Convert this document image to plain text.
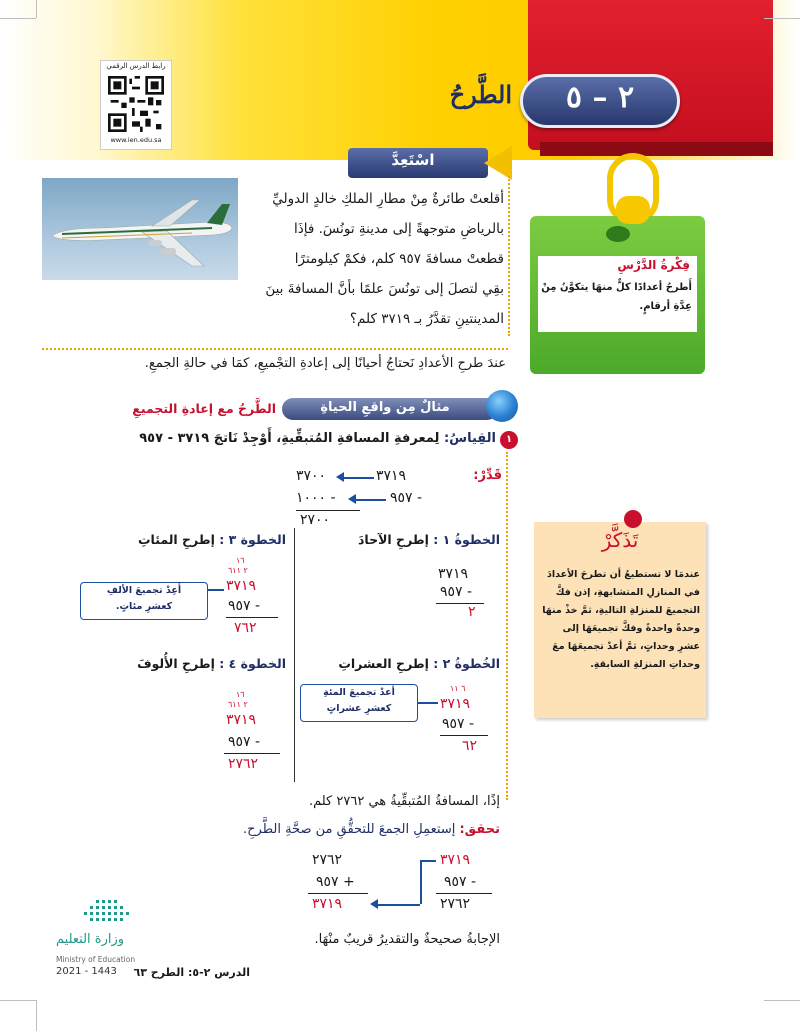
رابط الدرس الرقمي
www.ien.edu.sa
٢ – ٥
الطَّرحُ
فِكْرةُ الدَّرْسِ
أَطرحُ أعدادًا كلٌّ منهَا يتكوَّنُ مِنْ عِدَّةِ أرقامٍ.
اسْتَعِدَّ
أقلعتْ طائرةٌ مِنْ مطارِ الملكِ خالدٍ الدوليِّ
بالرياضِ متوجهةً إلى مدينةِ تونُسَ. فإذَا
قطعتْ مسافةَ ٩٥٧ كلم، فكمْ كيلومترًا
بقِي لتصلَ إلى تونُسَ علمًا بأنَّ المسافةَ بينَ
المدينتينِ تقدَّرُ بـ ٣٧١٩ كلم؟
عندَ طرحِ الأعدادِ نَحتاجُ أحيانًا إلى إعادةِ التجْميعِ، كمَا في حالةِ الجمعِ.
مثالٌ مِن واقعِ الحياةِ
الطَّرحُ مع إعادةِ التجميعِ
١
القِياسُ: لِمعرفةِ المسافةِ المُتبقِّيةِ، أَوْجِدْ نَاتجَ ٣٧١٩ - ٩٥٧
قَدِّرْ:
٣٧١٩
٣٧٠٠
٩٥٧ -
١٠٠٠ -
٢٧٠٠
الخطوةُ ١ : إطرحِ الآحادَ
٣٧١٩
٩٥٧ -
٢
الخطوة ٣ : إطرحِ المئاتِ
١٦
٢ ٦١١
٣٧١٩
٩٥٧ -
٧٦٢
أَعِدْ تجميعَ الألفِ
كعشرِ مئاتٍ.
الخُطوةُ ٢ : إطرحِ العشراتِ
٦ ١١
٣٧١٩
٩٥٧ -
٦٢
أعدْ تجميعَ المئةِ
كعشرِ عشراتٍ
الخطوة ٤ : إطرحِ الأُلوفَ
١٦
٢ ٦١١
٣٧١٩
٩٥٧ -
٢٧٦٢
تَذَكَّرْ
عندمَا لا تستطيعُ أن تطرحَ الأعدادَ في المنازلِ المتشابهةِ، إذن فكَّ التجميعَ للمنزلةِ التاليةِ، ثمَّ خذْ منهَا وحدةً واحدةً وفكَّ تجميعَهَا إلى عشرِ وحداتٍ، ثمَّ أعدْ تجميعَهَا معَ وحداتِ المنزلةِ السابقةِ.
إذًا، المسافةُ المُتبقِّيةُ هي ٢٧٦٢ كلم.
تحقق: إستعمِلِ الجمعَ للتحقُّقِ من صحَّةِ الطَّرحِ.
٣٧١٩
٩٥٧ -
٢٧٦٢
٢٧٦٢
٩٥٧ +
٣٧١٩
الإجابةُ صحيحةٌ والتقديرُ قريبٌ منْهَا.
وزارة التعليم
Ministry of Education
2021 - 1443	الدرس ٢-٥: الطرح ٦٣
